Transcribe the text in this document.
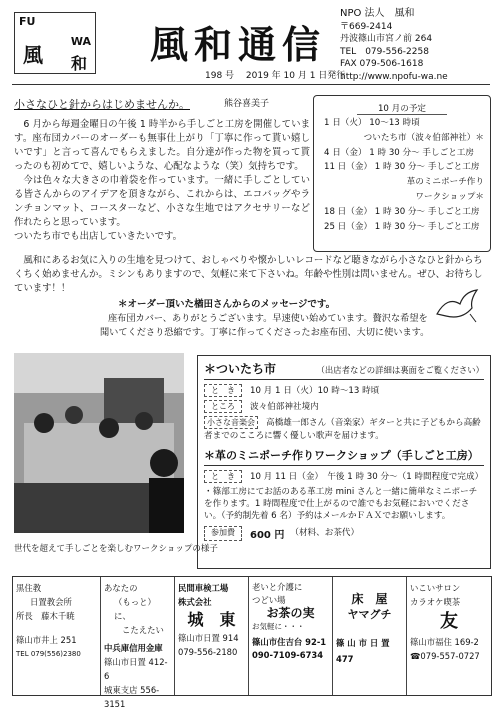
FU
WA
風 和 風和通信
198 号　 2019 年 10 月 1 日発行
NPO 法人　風和
〒669-2414
丹波篠山市宮ノ前 264
TEL　079-556-2258
FAX 079-506-1618
http://www.npofu-wa.ne
小さなひと針からはじめませんか。	熊谷喜美子

6 月から毎週金曜日の午後 1 時半から手しごと工房を開催しています。座布団カバーのオーダーも無事仕上がり「丁寧に作って貰い嬉しいです」と言って喜んでもらえました。自分達が作った物を買って貰ったのも初めてで、嬉しいような、心配なような（笑）気持ちです。

今は色々な大きさの巾着袋を作っています。一緒に手しごとしている皆さんからのアイデアを頂きながら、これからは、エコバッグやランチョンマット、コースターなど、小さな生地ではアクセサリーなど作れたらと思っています。

ついたち市でも出店していきたいです。

10 月の予定
1 日（火） 10～13 時頃
ついたち市（波々伯部神社）＊
4 日（金） 1 時 30 分～ 手しごと工房
11 日（金） 1 時 30 分～ 手しごと工房
革のミニポーチ作り
ワークショップ＊
18 日（金） 1 時 30 分～ 手しごと工房
25 日（金） 1 時 30 分～ 手しごと工房
風和にあるお気に入りの生地を見つけて、おしゃべりや懐かしいレコードなど聴きながら小さなひと針からちくちく始めませんか。ミシンもありますので、気軽に来て下さいね。年齢や性別は問いません。ぜひ、お待ちしています！！
＊オーダー頂いた楢田さんからのメッセージです。
座布団カバー、ありがとうございます。早速使い始めています。贅沢な希望を
聞いてくださり恐縮です。丁寧に作ってくださったお座布団、大切に使います。
世代を超えて手しごとを楽しむワークショップの様子
＊ついたち市	（出店者などの詳細は裏面をご覧ください）
と　き	10 月 1 日（火）10 時～13 時頃
ところ	波々伯部神社境内
小さな音楽会 高橋雄一郎さん（音楽家）ギターと共に子どもから高齢者までのこころに響く優しい歌声を届けます。
＊革のミニポーチ作りワークショップ（手しごと工房）
と　き	10 月 11 日（金）　午後 1 時 30 分～（1 時間程度で完成）
・篠部工房にてお話のある革工房 mini さんと一緒に簡単なミニポーチを作ります。1 時間程度で仕上がるので誰でもお気軽においでください。（予約制先着 6 名）予約はメールかＦＡＸでお願いします。
参加費	600 円 （材料、お茶代）
黒住教
日置教会所
所長　藤木千暁
篠山市井上 251
TEL 079(556)2380
あなたの
（もっと）に、
こたえたい
中兵庫信用金庫
篠山市日置 412-6
城東支店 556-3151
民間車検工場
株式会社
城　東
篠山市日置 914
079-556-2180
老いと介護に
つどい場
お茶の実
お気軽に・・・
篠山市住吉台 92-1
090-7109-6734
床　屋
ヤマグチ
篠 山 市 日 置
477
いこいサロン
カラオケ喫茶
友
篠山市福住 169-2
☎079-557-0727
